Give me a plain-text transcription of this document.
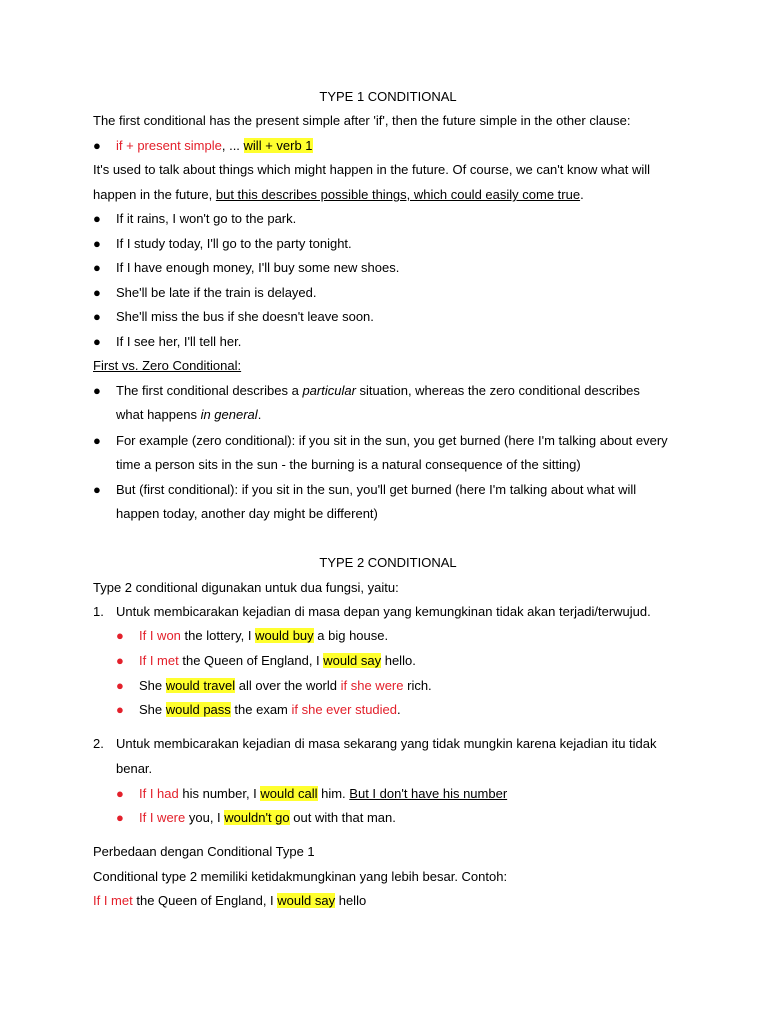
TYPE 1 CONDITIONAL
The first conditional has the present simple after 'if', then the future simple in the other clause:
● if + present simple, ... will + verb 1
It's used to talk about things which might happen in the future. Of course, we can't know what will
happen in the future, but this describes possible things, which could easily come true.
● If it rains, I won't go to the park.
● If I study today, I'll go to the party tonight.
● If I have enough money, I'll buy some new shoes.
● She'll be late if the train is delayed.
● She'll miss the bus if she doesn't leave soon.
● If I see her, I'll tell her.
First vs. Zero Conditional:
● The first conditional describes a particular situation, whereas the zero conditional describes
what happens in general.
● For example (zero conditional): if you sit in the sun, you get burned (here I'm talking about every
time a person sits in the sun - the burning is a natural consequence of the sitting)
● But (first conditional): if you sit in the sun, you'll get burned (here I'm talking about what will
happen today, another day might be different)
TYPE 2 CONDITIONAL
Type 2 conditional digunakan untuk dua fungsi, yaitu:
1. Untuk membicarakan kejadian di masa depan yang kemungkinan tidak akan terjadi/terwujud.
● If I won the lottery, I would buy a big house.
● If I met the Queen of England, I would say hello.
● She would travel all over the world if she were rich.
● She would pass the exam if she ever studied.
2. Untuk membicarakan kejadian di masa sekarang yang tidak mungkin karena kejadian itu tidak
benar.
● If I had his number, I would call him. But I don't have his number
● If I were you, I wouldn't go out with that man.
Perbedaan dengan Conditional Type 1
Conditional type 2 memiliki ketidakmungkinan yang lebih besar. Contoh:
If I met the Queen of England, I would say hello
